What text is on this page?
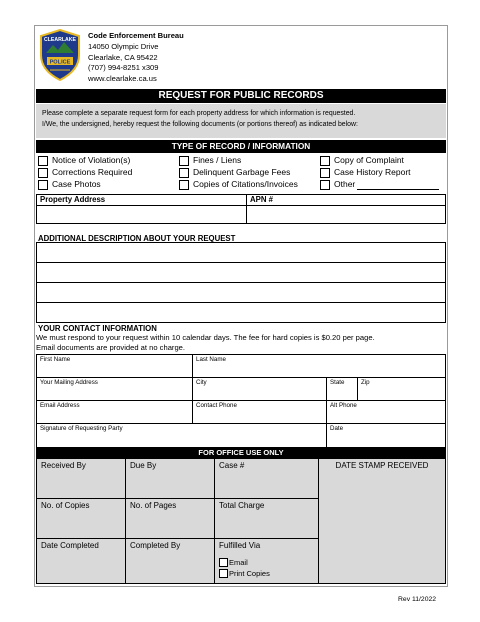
CLEARLAKE
POLICE
Code Enforcement Bureau
14050 Olympic Drive
Clearlake, CA 95422
(707) 994-8251 x309
www.clearlake.ca.us
REQUEST FOR PUBLIC RECORDS
Please complete a separate request form for each property address for which information is requested.
I/We, the undersigned, hereby request the following documents (or portions thereof) as indicated below:
TYPE OF RECORD / INFORMATION
Notice of Violation(s)
Corrections Required
Case Photos
Fines / Liens
Delinquent Garbage Fees
Copies of Citations/Invoices
Copy of Complaint
Case History Report
Other
Property Address	APN #

ADDITIONAL DESCRIPTION ABOUT YOUR REQUEST

YOUR CONTACT INFORMATION
We must respond to your request within 10 calendar days. The fee for hard copies is $0.20 per page.
Email documents are provided at no charge.
First Name	Last Name		
Your Mailing Address	City	State	Zip
Email Address	Contact Phone	Alt Phone	
Signature of Requesting Party		Date	
FOR OFFICE USE ONLY
Received By	Due By	Case #	DATE STAMP RECEIVED
No. of Copies	No. of Pages	Total Charge	
Date Completed	Completed By	Fulfilled Via
Email
Print Copies	
Rev 11/2022
